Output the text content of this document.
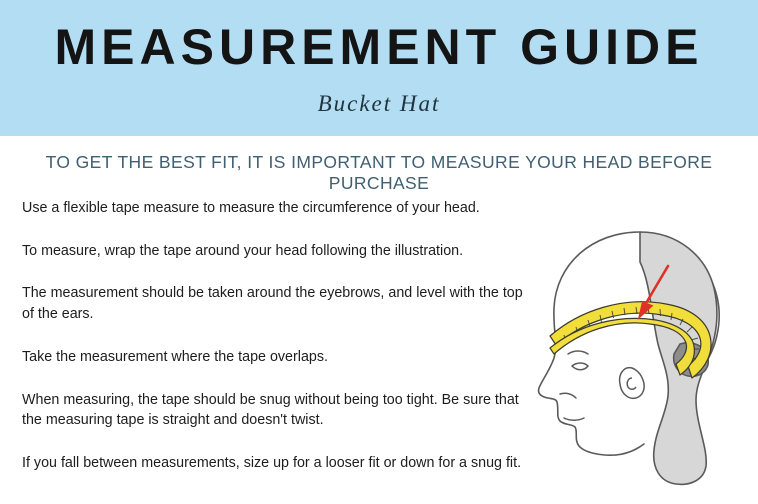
MEASUREMENT GUIDE
Bucket Hat
TO GET THE BEST FIT, IT IS IMPORTANT TO MEASURE YOUR HEAD BEFORE PURCHASE

Use a flexible tape measure to measure the circumference of your head.

To measure, wrap the tape around your head following the illustration.

The measurement should be taken around the eyebrows, and level with the top of the ears.

Take the measurement where the tape overlaps.

When measuring, the tape should be snug without being too tight. Be sure that the measuring tape is straight and doesn't twist.

If you fall between measurements, size up for a looser fit or down for a snug fit.
